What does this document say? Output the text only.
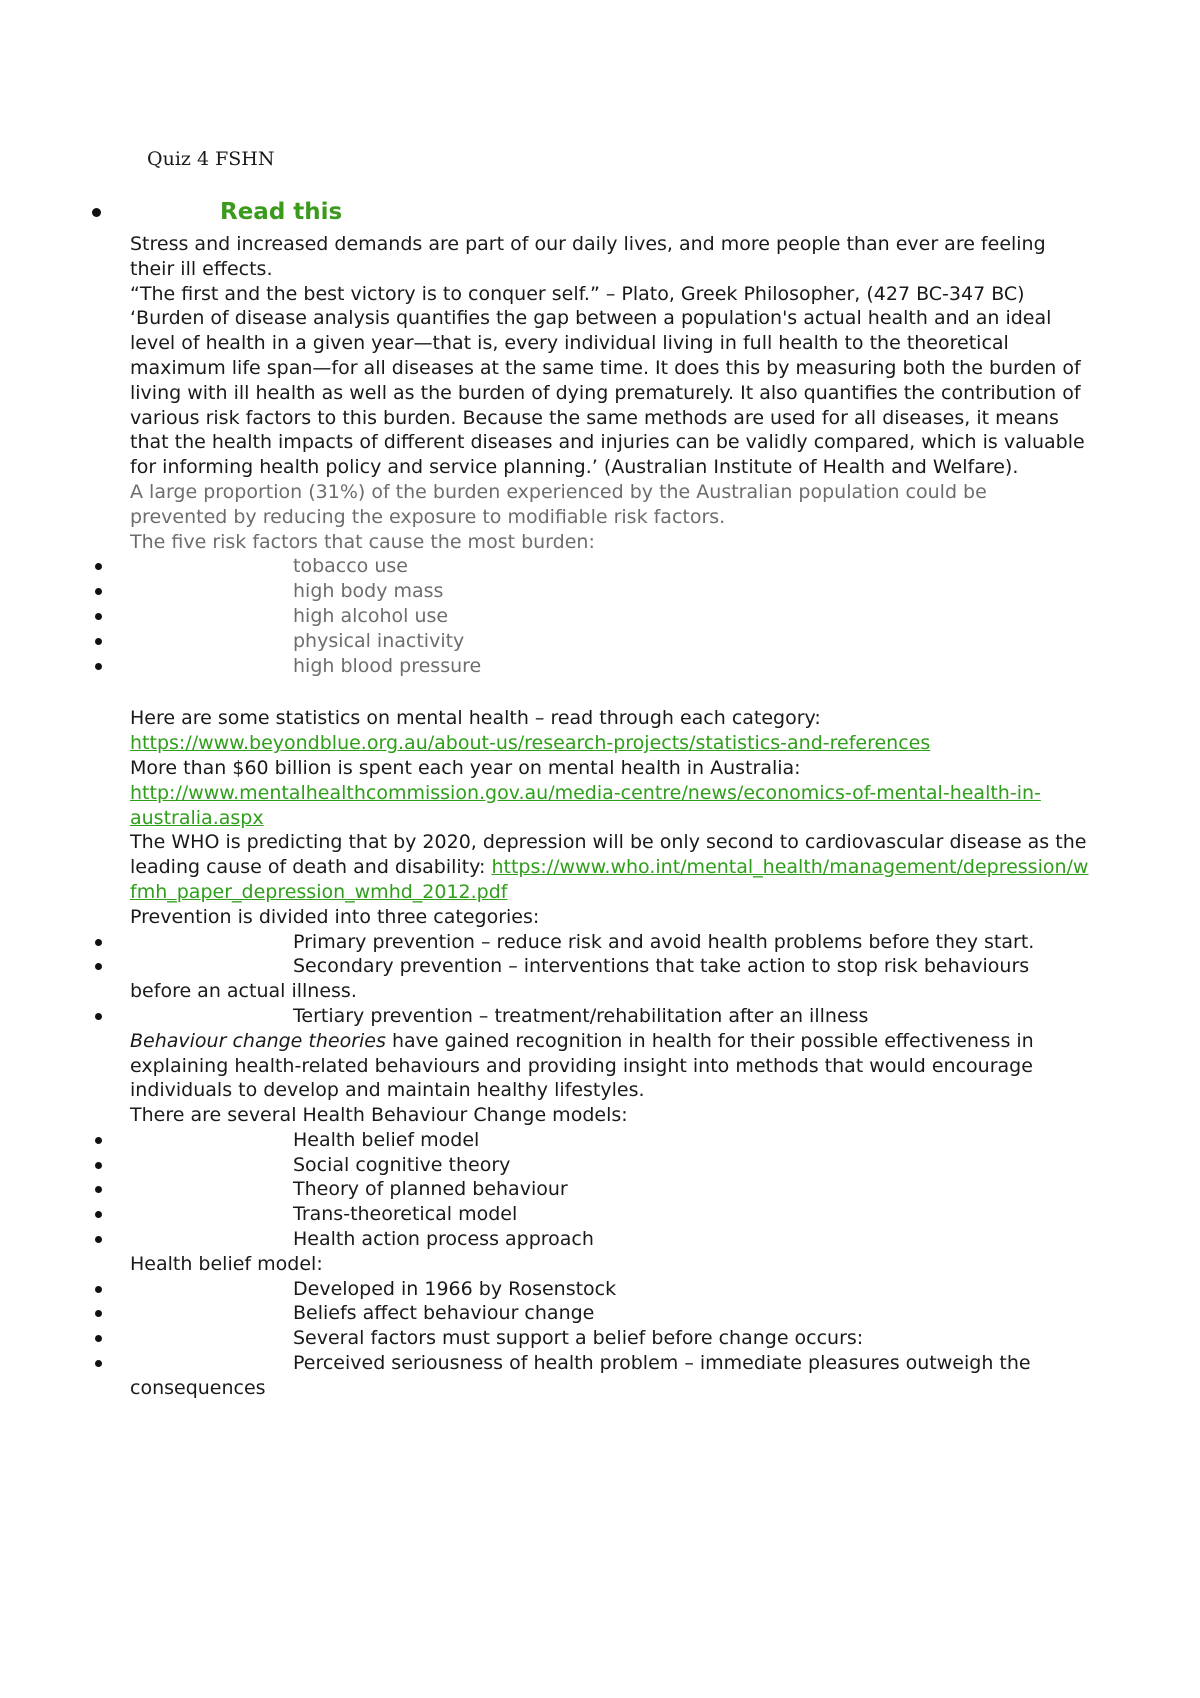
Quiz 4 FSHN
Read this

Stress and increased demands are part of our daily lives, and more people than ever are feeling their ill effects.

“The first and the best victory is to conquer self.” – Plato, Greek Philosopher, (427 BC-347 BC)

‘Burden of disease analysis quantifies the gap between a population's actual health and an ideal level of health in a given year—that is, every individual living in full health to the theoretical maximum life span—for all diseases at the same time. It does this by measuring both the burden of living with ill health as well as the burden of dying prematurely. It also quantifies the contribution of various risk factors to this burden. Because the same methods are used for all diseases, it means that the health impacts of different diseases and injuries can be validly compared, which is valuable for informing health policy and service planning.’ (Australian Institute of Health and Welfare).

A large proportion (31%) of the burden experienced by the Australian population could be prevented by reducing the exposure to modifiable risk factors.

The five risk factors that cause the most burden:

tobacco use

high body mass

high alcohol use

physical inactivity

high blood pressure

Here are some statistics on mental health – read through each category: https://www.beyondblue.org.au/about-us/research-projects/statistics-and-references

More than $60 billion is spent each year on mental health in Australia: http://www.mentalhealthcommission.gov.au/media-centre/news/economics-of-mental-health-in-australia.aspx

The WHO is predicting that by 2020, depression will be only second to cardiovascular disease as the leading cause of death and disability: https://www.who.int/mental_health/management/depression/wfmh_paper_depression_wmhd_2012.pdf

Prevention is divided into three categories:

Primary prevention – reduce risk and avoid health problems before they start.

Secondary prevention – interventions that take action to stop risk behaviours before an actual illness.

Tertiary prevention – treatment/rehabilitation after an illness

Behaviour change theories have gained recognition in health for their possible effectiveness in explaining health-related behaviours and providing insight into methods that would encourage individuals to develop and maintain healthy lifestyles.

There are several Health Behaviour Change models:

Health belief model

Social cognitive theory

Theory of planned behaviour

Trans-theoretical model

Health action process approach

Health belief model:

Developed in 1966 by Rosenstock

Beliefs affect behaviour change

Several factors must support a belief before change occurs:

Perceived seriousness of health problem – immediate pleasures outweigh the consequences
